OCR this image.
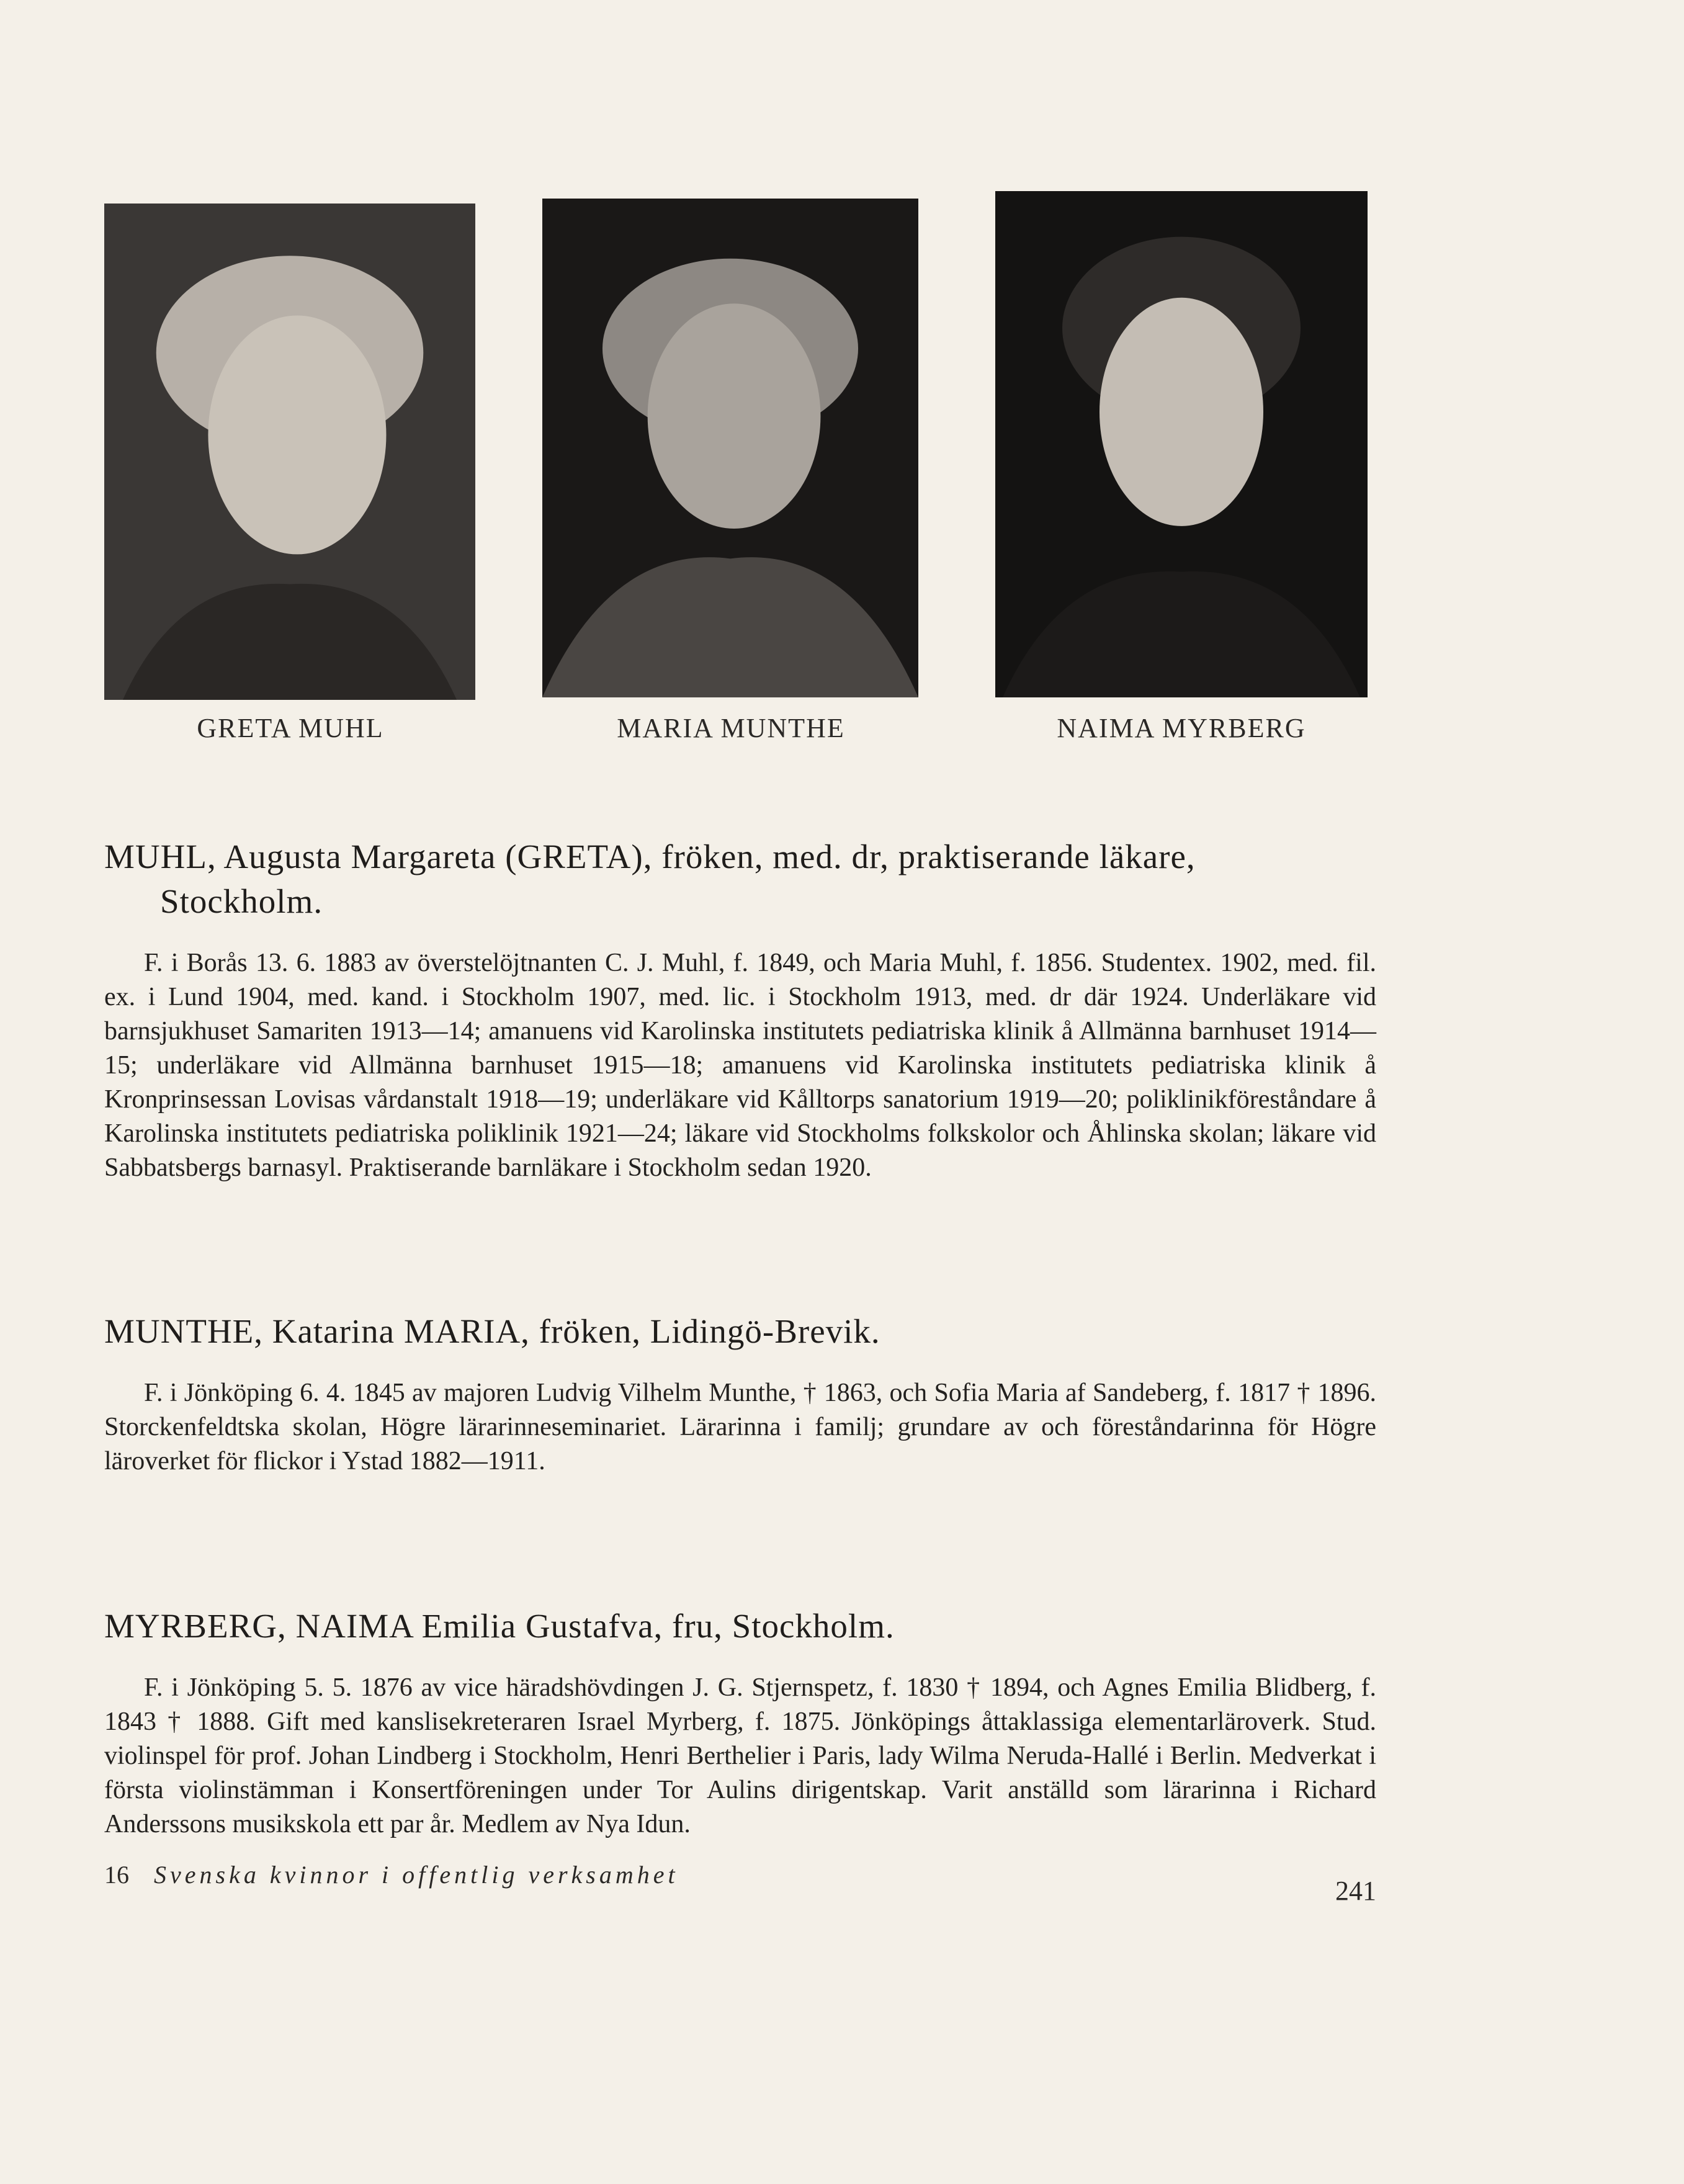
GRETA MUHL	MARIA MUNTHE	NAIMA MYRBERG
MUHL, Augusta Margareta (GRETA), fröken, med. dr, praktiserande läkare,
Stockholm.

F. i Borås 13. 6. 1883 av överstelöjtnanten C. J. Muhl, f. 1849, och Maria Muhl, f. 1856. Studentex. 1902, med. fil. ex. i Lund 1904, med. kand. i Stockholm 1907, med. lic. i Stockholm 1913, med. dr där 1924. Underläkare vid barnsjukhuset Samariten 1913—14; amanuens vid Karolinska institutets pediatriska klinik å Allmänna barnhuset 1914—15; underläkare vid Allmänna barnhuset 1915—18; amanuens vid Karolinska institutets pediatriska klinik å Kronprinsessan Lovisas vårdanstalt 1918—19; underläkare vid Kålltorps sanatorium 1919—20; poliklinikföreståndare å Karolinska institutets pediatriska poliklinik 1921—24; läkare vid Stockholms folkskolor och Åhlinska skolan; läkare vid Sabbatsbergs barnasyl. Praktiserande barnläkare i Stockholm sedan 1920.

MUNTHE, Katarina MARIA, fröken, Lidingö-Brevik.

F. i Jönköping 6. 4. 1845 av majoren Ludvig Vilhelm Munthe, † 1863, och Sofia Maria af Sandeberg, f. 1817 † 1896. Storckenfeldtska skolan, Högre lärarinneseminariet. Lärarinna i familj; grundare av och föreståndarinna för Högre läroverket för flickor i Ystad 1882—1911.

MYRBERG, NAIMA Emilia Gustafva, fru, Stockholm.

F. i Jönköping 5. 5. 1876 av vice häradshövdingen J. G. Stjernspetz, f. 1830 † 1894, och Agnes Emilia Blidberg, f. 1843 † 1888. Gift med kanslisekreteraren Israel Myrberg, f. 1875. Jönköpings åttaklassiga elementarläroverk. Stud. violinspel för prof. Johan Lindberg i Stockholm, Henri Berthelier i Paris, lady Wilma Neruda-Hallé i Berlin. Medverkat i första violinstämman i Konsertföreningen under Tor Aulins dirigentskap. Varit anställd som lärarinna i Richard Anderssons musikskola ett par år. Medlem av Nya Idun.

16 Svenska kvinnor i offentlig verksamhet
241
